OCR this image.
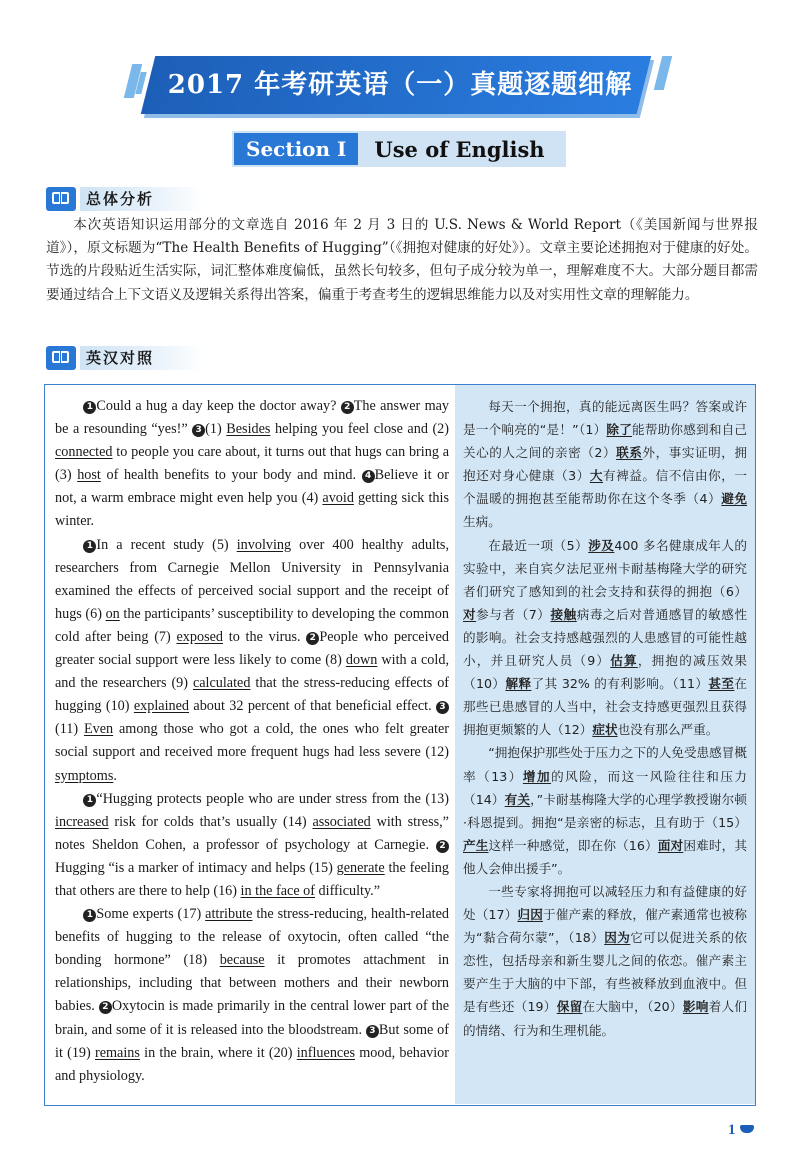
2017 年考研英语（一）真题逐题细解
Section Ⅰ	Use of English
总体分析
本次英语知识运用部分的文章选自 2016 年 2 月 3 日的 U.S. News & World Report（《美国新闻与世界报道》），原文标题为“The Health Benefits of Hugging”（《拥抱对健康的好处》）。文章主要论述拥抱对于健康的好处。节选的片段贴近生活实际，词汇整体难度偏低，虽然长句较多，但句子成分较为单一，理解难度不大。大部分题目都需要通过结合上下文语义及逻辑关系得出答案，偏重于考查考生的逻辑思维能力以及对实用性文章的理解能力。
英汉对照

1 Could a hug a day keep the doctor away? 2 The answer may be a resounding “yes!” 3 (1) Besides helping you feel close and (2) connected to people you care about, it turns out that hugs can bring a (3) host of health benefits to your body and mind. 4 Believe it or not, a warm embrace might even help you (4) avoid getting sick this winter.

1 In a recent study (5) involving over 400 healthy adults, researchers from Carnegie Mellon University in Pennsylvania examined the effects of perceived social support and the receipt of hugs (6) on the participants’ susceptibility to developing the common cold after being (7) exposed to the virus. 2 People who perceived greater social support were less likely to come (8) down with a cold, and the researchers (9) calculated that the stress-reducing effects of hugging (10) explained about 32 percent of that beneficial effect. 3(11) Even among those who got a cold, the ones who felt greater social support and received more frequent hugs had less severe (12) symptoms.

1 “Hugging protects people who are under stress from the (13) increased risk for colds that’s usually (14) associated with stress,” notes Sheldon Cohen, a professor of psychology at Carnegie. 2Hugging “is a marker of intimacy and helps (15) generate the feeling that others are there to help (16) in the face of difficulty.”

1 Some experts (17) attribute the stress-reducing, health-related benefits of hugging to the release of oxytocin, often called “the bonding hormone” (18) because it promotes attachment in relationships, including that between mothers and their newborn babies. 2 Oxytocin is made primarily in the central lower part of the brain, and some of it is released into the bloodstream. 3 But some of it (19) remains in the brain, where it (20) influences mood, behavior and physiology.

每天一个拥抱，真的能远离医生吗？答案或许是一个响亮的“是！”（1）除了能帮助你感到和自己关心的人之间的亲密（2）联系外，事实证明，拥抱还对身心健康（3）大有裨益。信不信由你，一个温暖的拥抱甚至能帮助你在这个冬季（4）避免生病。

在最近一项（5）涉及400 多名健康成年人的实验中，来自宾夕法尼亚州卡耐基梅隆大学的研究者们研究了感知到的社会支持和获得的拥抱（6）对参与者（7）接触病毒之后对普通感冒的敏感性的影响。社会支持感越强烈的人患感冒的可能性越小，并且研究人员（9）估算，拥抱的减压效果（10）解释了其 32% 的有利影响。（11）甚至在那些已患感冒的人当中，社会支持感更强烈且获得拥抱更频繁的人（12）症状也没有那么严重。

“拥抱保护那些处于压力之下的人免受患感冒概率（13）增加的风险，而这一风险往往和压力（14）有关，”卡耐基梅隆大学的心理学教授谢尔顿·科恩提到。拥抱“是亲密的标志，且有助于（15）产生这样一种感觉，即在你（16）面对困难时，其他人会伸出援手”。

一些专家将拥抱可以减轻压力和有益健康的好处（17）归因于催产素的释放，催产素通常也被称为“黏合荷尔蒙”，（18）因为它可以促进关系的依恋性，包括母亲和新生婴儿之间的依恋。催产素主要产生于大脑的中下部，有些被释放到血液中。但是有些还（19）保留在大脑中，（20）影响着人们的情绪、行为和生理机能。

1
